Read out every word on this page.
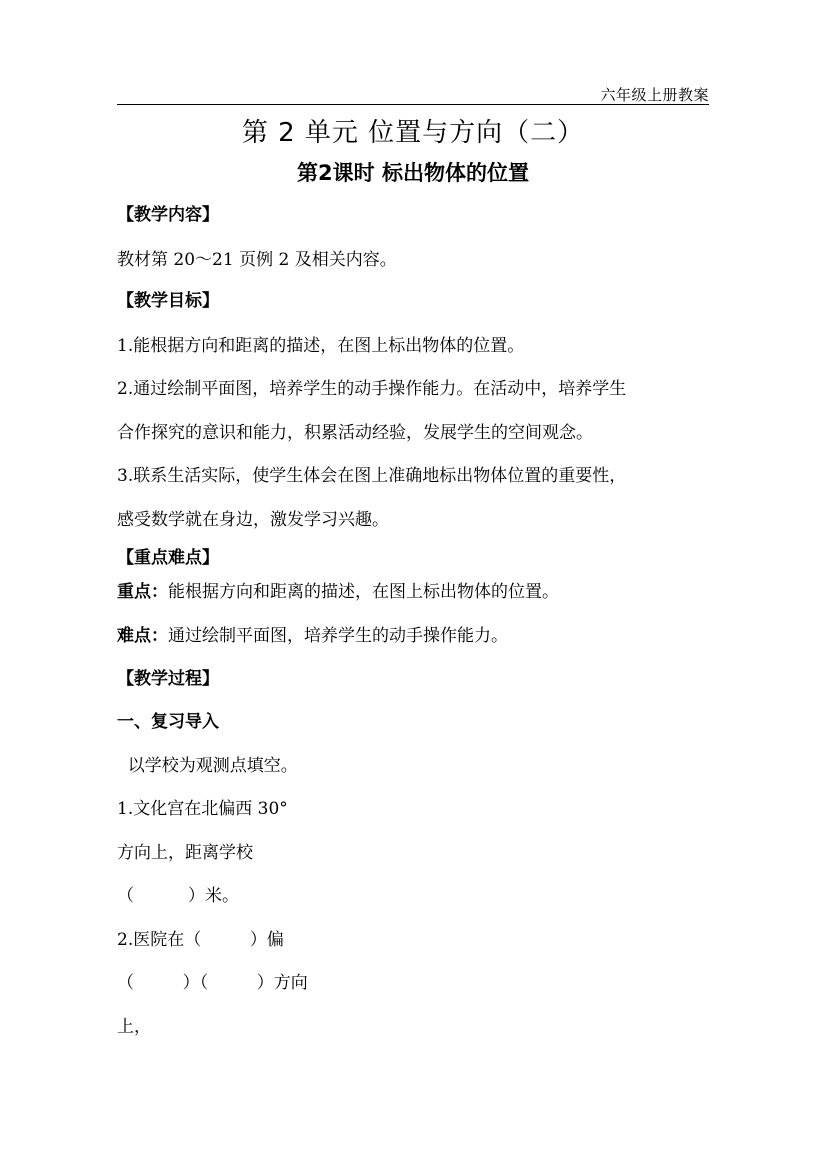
六年级上册教案
第 2 单元 位置与方向（二）
第2课时 标出物体的位置
【教学内容】
教材第 20～21 页例 2 及相关内容。
【教学目标】
1.能根据方向和距离的描述，在图上标出物体的位置。
2.通过绘制平面图，培养学生的动手操作能力。在活动中，培养学生
合作探究的意识和能力，积累活动经验，发展学生的空间观念。
3.联系生活实际，使学生体会在图上准确地标出物体位置的重要性，
感受数学就在身边，激发学习兴趣。
【重点难点】
重点：能根据方向和距离的描述，在图上标出物体的位置。
难点：通过绘制平面图，培养学生的动手操作能力。
【教学过程】
一、复习导入
以学校为观测点填空。
1.文化宫在北偏西 30°
方向上，距离学校
（          ）米。
2.医院在（         ）偏
（         ）（         ）方向
上，
